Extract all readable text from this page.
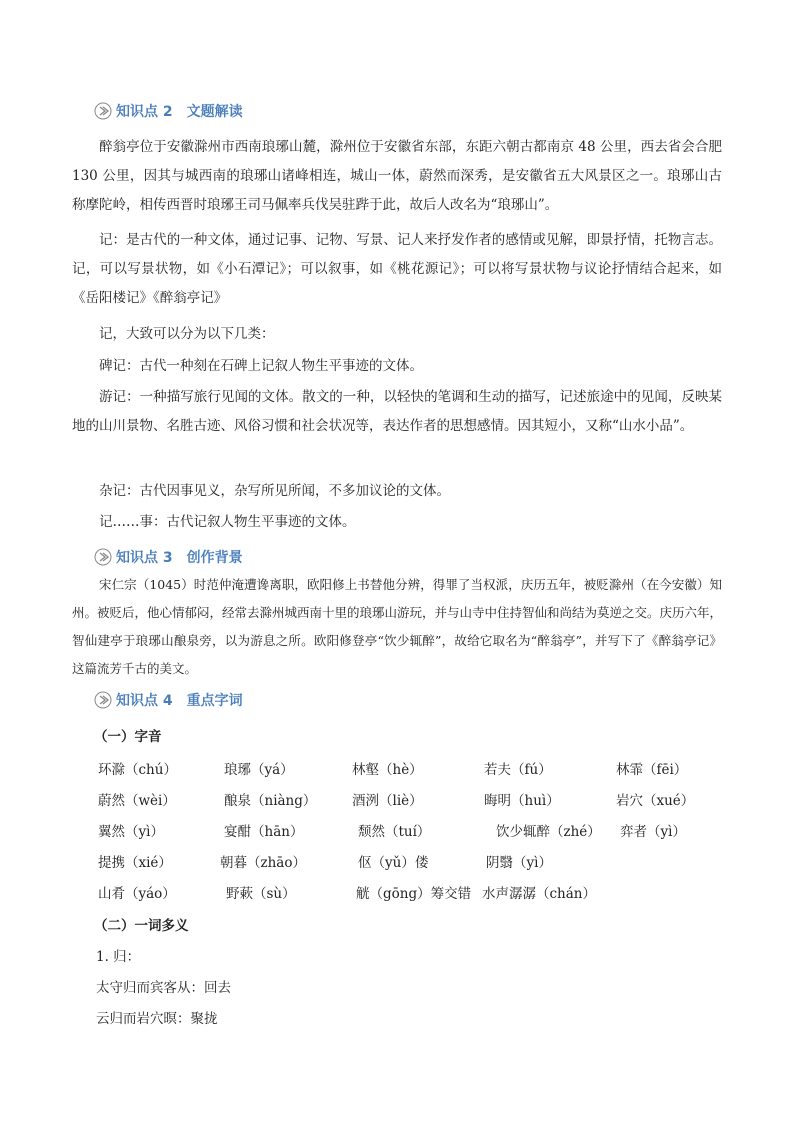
知识点 2 文题解读

醉翁亭位于安徽滁州市西南琅琊山麓，滁州位于安徽省东部，东距六朝古都南京 48 公里，西去省会合肥 130 公里，因其与城西南的琅琊山诸峰相连，城山一体，蔚然而深秀，是安徽省五大风景区之一。琅琊山古称摩陀岭，相传西晋时琅琊王司马佩率兵伐吴驻跸于此，故后人改名为“琅琊山”。

记：是古代的一种文体，通过记事、记物、写景、记人来抒发作者的感情或见解，即景抒情，托物言志。记，可以写景状物，如《小石潭记》；可以叙事，如《桃花源记》；可以将写景状物与议论抒情结合起来，如《岳阳楼记》《醉翁亭记》

记，大致可以分为以下几类：

碑记：古代一种刻在石碑上记叙人物生平事迹的文体。

游记：一种描写旅行见闻的文体。散文的一种，以轻快的笔调和生动的描写，记述旅途中的见闻，反映某地的山川景物、名胜古迹、风俗习惯和社会状况等，表达作者的思想感情。因其短小，又称“山水小品”。

杂记：古代因事见义，杂写所见所闻，不多加议论的文体。

记……事：古代记叙人物生平事迹的文体。

知识点 3 创作背景

宋仁宗（1045）时范仲淹遭谗离职，欧阳修上书替他分辨，得罪了当权派，庆历五年，被贬滁州（在今安徽）知州。被贬后，他心情郁闷，经常去滁州城西南十里的琅琊山游玩，并与山寺中住持智仙和尚结为莫逆之交。庆历六年，智仙建亭于琅琊山酿泉旁，以为游息之所。欧阳修登亭“饮少辄醉”，故给它取名为“醉翁亭”，并写下了《醉翁亭记》这篇流芳千古的美文。

知识点 4 重点字词

（一）字音

环滁（chú）	琅琊（yá）	林壑（hè）	若夫（fú）	林霏（fēi）
蔚然（wèi）	酿泉（niàng）	酒洌（liè）	晦明（huì）	岩穴（xué）
翼然（yì）	宴酣（hān）	颓然（tuí）	饮少辄醉（zhé） 弈者（yì）
提携（xié）	朝暮（zhāo）	伛（yǔ）偻	阴翳（yì）
山肴（yáo）	野蔌（sù）	觥（gōng）筹交错 水声潺潺（chán）

（二）一词多义

1. 归：

太守归而宾客从：回去

云归而岩穴暝：聚拢
